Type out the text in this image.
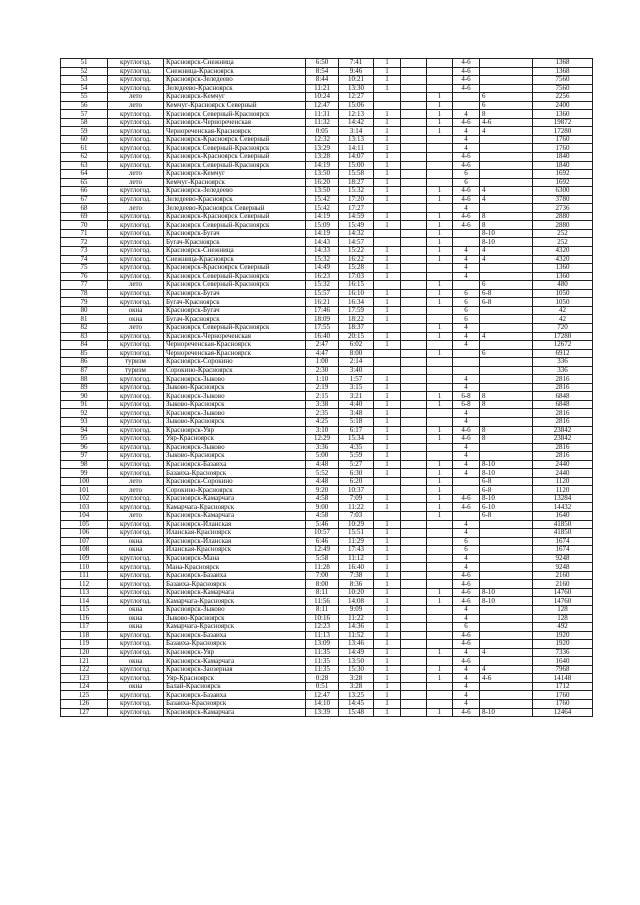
51	круглогод.	Красноярск-Снежница	6:50	7:41	1			4-6		1368
52	круглогод.	Снежница-Красноярск	8:54	9:46	1			4-6		1368
53	круглогод.	Красноярск-Зеледеево	8:44	10:21	1			4-6		7560
54	круглогод.	Зеледеево-Красноярск	11:21	13:30	1			4-6		7560
55	лето	Красноярск-Кемчуг	10:24	12:27			1		6	2256
56	лето	Кемчуг-Красноярск Северный	12:47	15:06			1		6	2400
57	круглогод.	Красноярск Северный-Красноярск	11:31	12:13	1		1	4	8	1360
58	круглогод.	Красноярск-Черноречeнская	11:32	14:42	1		1	4-6	4-6	19872
59	круглогод.	Черноречeнская-Красноярск	0:05	3:14	1		1	4	4	17280
60	круглогод.	Красноярск-Красноярск Северный	12:32	13:13	1			4		1760
61	круглогод.	Красноярск Северный-Красноярск	13:29	14:11	1			4		1760
62	круглогод.	Красноярск-Красноярск Северный	13:28	14:07	1			4-6		1840
63	круглогод.	Красноярск Северный-Красноярск	14:19	15:00	1			4-6		1840
64	лето	Красноярск-Кемчуг	13:50	15:58	1			6		1692
65	лето	Кемчуг-Красноярск	16:20	18:27	1			6		1692
66	круглогод.	Красноярск-Зеледеево	13:50	15:32	1		1	4-6	4	6300
67	круглогод.	Зеледеево-Красноярск	15:42	17:20	1		1	4-6	4	3780
68	лето	Зеледеево-Красноярск Северный	15:42	17:27				4		2736
69	круглогод.	Красноярск-Красноярск Северный	14:19	14:59	1		1	4-6	8	2880
70	круглогод.	Красноярск Северный-Красноярск	15:09	15:49	1		1	4-6	8	2880
71	круглогод.	Красноярск-Бугач	14:19	14:32			1		8-10	252
72	круглогод.	Бугач-Красноярск	14:43	14:57			1		8-10	252
73	круглогод.	Красноярск-Снежница	14:33	15:22	1		1	4	4	4320
74	круглогод.	Снежница-Красноярск	15:32	16:22	1		1	4	4	4320
75	круглогод.	Красноярск-Красноярск Северный	14:49	15:28	1			4		1360
76	круглогод.	Красноярск Северный-Красноярск	16:23	17:03	1			4		1360
77	лето	Красноярск Северный-Красноярск	15:32	16:15			1		6	480
78	круглогод.	Красноярск-Бугач	15:57	16:10	1		1	6	6-8	1050
79	круглогод.	Бугач-Красноярск	16:21	16:34	1		1	6	6-8	1050
80	окна	Красноярск-Бугач	17:46	17:59	1			6		42
81	окна	Бугач-Красноярск	18:09	18:22	1			6		42
82	лето	Красноярск Северный-Красноярск	17:55	18:37			1	4		720
83	круглогод.	Красноярск-Черноречeнская	16:40	20:15	1		1	4	4	17280
84	круглогод.	Черноречeнская-Красноярск	2:47	6:02	1			4		12672
85	круглогод.	Черноречeнская-Красноярск	4:47	8:00			1		6	6912
86	туризм	Красноярск-Сорокино	1:00	2:14						336
87	туризм	Сорокино-Красноярск	2:30	3:40						336
88	круглогод.	Красноярск-Зыково	1:10	1:57	1			4		2816
89	круглогод.	Зыково-Красноярск	2:19	3:15	1			4		2816
90	круглогод.	Красноярск-Зыково	2:15	3:21	1		1	6-8	8	6848
91	круглогод.	Зыково-Красноярск	3:38	4:40	1		1	6-8	8	6848
92	круглогод.	Красноярск-Зыково	2:35	3:48	1			4		2816
93	круглогод.	Зыково-Красноярск	4:25	5:18	1			4		2816
94	круглогод.	Красноярск-Уяр	3:10	6:17	1		1	4-6	8	23842
95	круглогод.	Уяр-Красноярск	12:29	15:34	1		1	4-6	8	23842
96	круглогод.	Красноярск-Зыково	3:36	4:35	1			4		2816
97	круглогод.	Зыково-Красноярск	5:00	5:59	1			4		2816
98	круглогод.	Красноярск-Базаиха	4:48	5:27	1		1	4	8-10	2440
99	круглогод.	Базаиха-Красноярск	5:52	6:30	1		1	4	8-10	2440
100	лето	Красноярск-Сорокино	4:48	6:20			1		6-8	1120
101	лето	Сорокино-Красноярск	9:20	10:37			1		6-8	1120
102	круглогод.	Красноярск-Камарчага	4:58	7:09	1		1	4-6	8-10	13284
103	круглогод.	Камарчага-Красноярск	9:00	11:22	1		1	4-6	6-10	14432
104	лето	Красноярск-Камарчага	4:58	7:03			1		6-8	1640
105	круглогод.	Красноярск-Иланская	5:46	10:29	1			4		41850
106	круглогод.	Иланская-Красноярск	10:57	15:51	1			4		41850
107	окна	Красноярск-Иланская	6:46	11:29	1			6		1674
108	окна	Иланская-Красноярск	12:49	17:43	1			6		1674
109	круглогод.	Красноярск-Мана	5:58	11:12	1			4		9248
110	круглогод.	Мана-Красноярск	11:28	16:40	1			4		9248
111	круглогод.	Красноярск-Базаиха	7:00	7:38	1			4-6		2160
112	круглогод.	Базаиха-Красноярск	8:00	8:36	1			4-6		2160
113	круглогод.	Красноярск-Камарчага	8:11	10:20	1		1	4-6	8-10	14760
114	круглогод.	Камарчага-Красноярск	11:56	14:08	1		1	4-6	8-10	14760
115	окна	Красноярск-Зыково	8:11	9:09	1			4		128
116	окна	Зыково-Красноярск	10:16	11:22	1			4		128
117	окна	Камарчага-Красноярск	12:23	14:36	1			6		492
118	круглогод.	Красноярск-Базаиха	11:13	11:52	1			4-6		1920
119	круглогод.	Базаиха-Красноярск	13:09	13:46	1			4-6		1920
120	круглогод.	Красноярск-Уяр	11:35	14:49	1		1	4	4	7336
121	окна	Красноярск-Камарчага	11:35	13:50	1			4-6		1640
122	круглогод.	Красноярск-Заозерная	11:35	15:30	1		1	4	4	7968
123	круглогод.	Уяр-Красноярск	0:28	3:28	1		1	4	4-6	14148
124	окна	Балай-Красноярск	0:51	3:28	1			4		1712
125	круглогод.	Красноярск-Базаиха	12:47	13:25	1			4		1760
126	круглогод.	Базаиха-Красноярск	14:10	14:45	1			4		1760
127	круглогод.	Красноярск-Камарчага	13:39	15:48	1		1	4-6	8-10	12464
